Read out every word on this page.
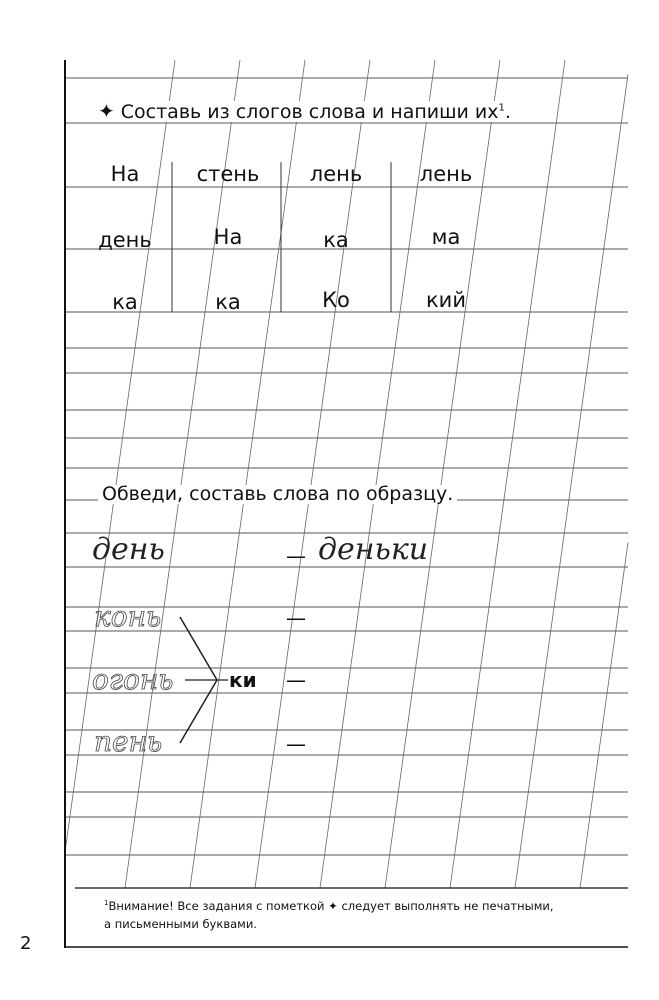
✦ Составь из слогов слова и напиши $их^1$.
На	стень	лень	лень
день	На	ка	ма
ка	ка	Ко	кий
Обведи, составь слова по образцу.
день	— деньки
конь	—
огонь	ки —
пень	—
$^1$Внимание! Все задания с пометкой ✦ следует выполнять не печатными,
а письменными буквами.
2
